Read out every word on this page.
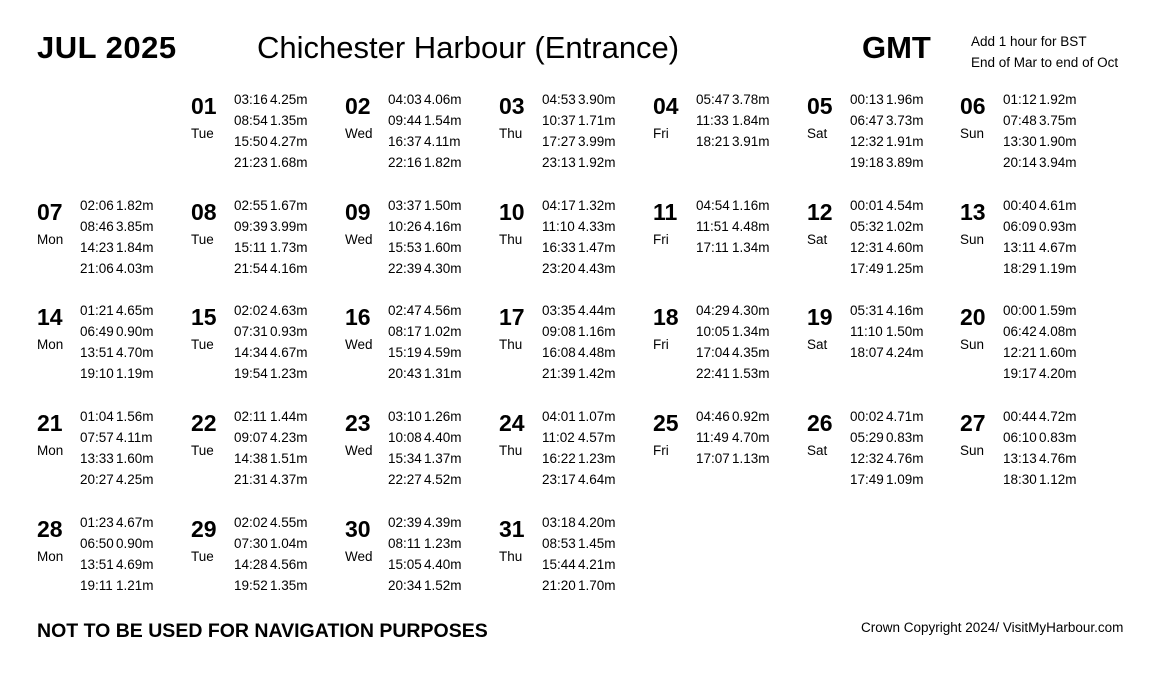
JUL 2025	Chichester Harbour (Entrance)	GMT	Add 1 hour for BST
End of Mar to end of Oct
01
Tue
03:16 4.25m
08:54 1.35m
15:50 4.27m
21:23 1.68m
02
Wed
04:03 4.06m
09:44 1.54m
16:37 4.11m
22:16 1.82m
03
Thu
04:53 3.90m
10:37 1.71m
17:27 3.99m
23:13 1.92m
04
Fri
05:47 3.78m
11:33 1.84m
18:21 3.91m
05
Sat
00:13 1.96m
06:47 3.73m
12:32 1.91m
19:18 3.89m
06
Sun
01:12 1.92m
07:48 3.75m
13:30 1.90m
20:14 3.94m
07
Mon
02:06 1.82m
08:46 3.85m
14:23 1.84m
21:06 4.03m
08
Tue
02:55 1.67m
09:39 3.99m
15:11 1.73m
21:54 4.16m
09
Wed
03:37 1.50m
10:26 4.16m
15:53 1.60m
22:39 4.30m
10
Thu
04:17 1.32m
11:10 4.33m
16:33 1.47m
23:20 4.43m
11
Fri
04:54 1.16m
11:51 4.48m
17:11 1.34m
12
Sat
00:01 4.54m
05:32 1.02m
12:31 4.60m
17:49 1.25m
13
Sun
00:40 4.61m
06:09 0.93m
13:11 4.67m
18:29 1.19m
14
Mon
01:21 4.65m
06:49 0.90m
13:51 4.70m
19:10 1.19m
15
Tue
02:02 4.63m
07:31 0.93m
14:34 4.67m
19:54 1.23m
16
Wed
02:47 4.56m
08:17 1.02m
15:19 4.59m
20:43 1.31m
17
Thu
03:35 4.44m
09:08 1.16m
16:08 4.48m
21:39 1.42m
18
Fri
04:29 4.30m
10:05 1.34m
17:04 4.35m
22:41 1.53m
19
Sat
05:31 4.16m
11:10 1.50m
18:07 4.24m
20
Sun
00:00 1.59m
06:42 4.08m
12:21 1.60m
19:17 4.20m
21
Mon
01:04 1.56m
07:57 4.11m
13:33 1.60m
20:27 4.25m
22
Tue
02:11 1.44m
09:07 4.23m
14:38 1.51m
21:31 4.37m
23
Wed
03:10 1.26m
10:08 4.40m
15:34 1.37m
22:27 4.52m
24
Thu
04:01 1.07m
11:02 4.57m
16:22 1.23m
23:17 4.64m
25
Fri
04:46 0.92m
11:49 4.70m
17:07 1.13m
26
Sat
00:02 4.71m
05:29 0.83m
12:32 4.76m
17:49 1.09m
27
Sun
00:44 4.72m
06:10 0.83m
13:13 4.76m
18:30 1.12m
28
Mon
01:23 4.67m
06:50 0.90m
13:51 4.69m
19:11 1.21m
29
Tue
02:02 4.55m
07:30 1.04m
14:28 4.56m
19:52 1.35m
30
Wed
02:39 4.39m
08:11 1.23m
15:05 4.40m
20:34 1.52m
31
Thu
03:18 4.20m
08:53 1.45m
15:44 4.21m
21:20 1.70m
NOT TO BE USED FOR NAVIGATION PURPOSES	Crown Copyright 2024/ VisitMyHarbour.com
